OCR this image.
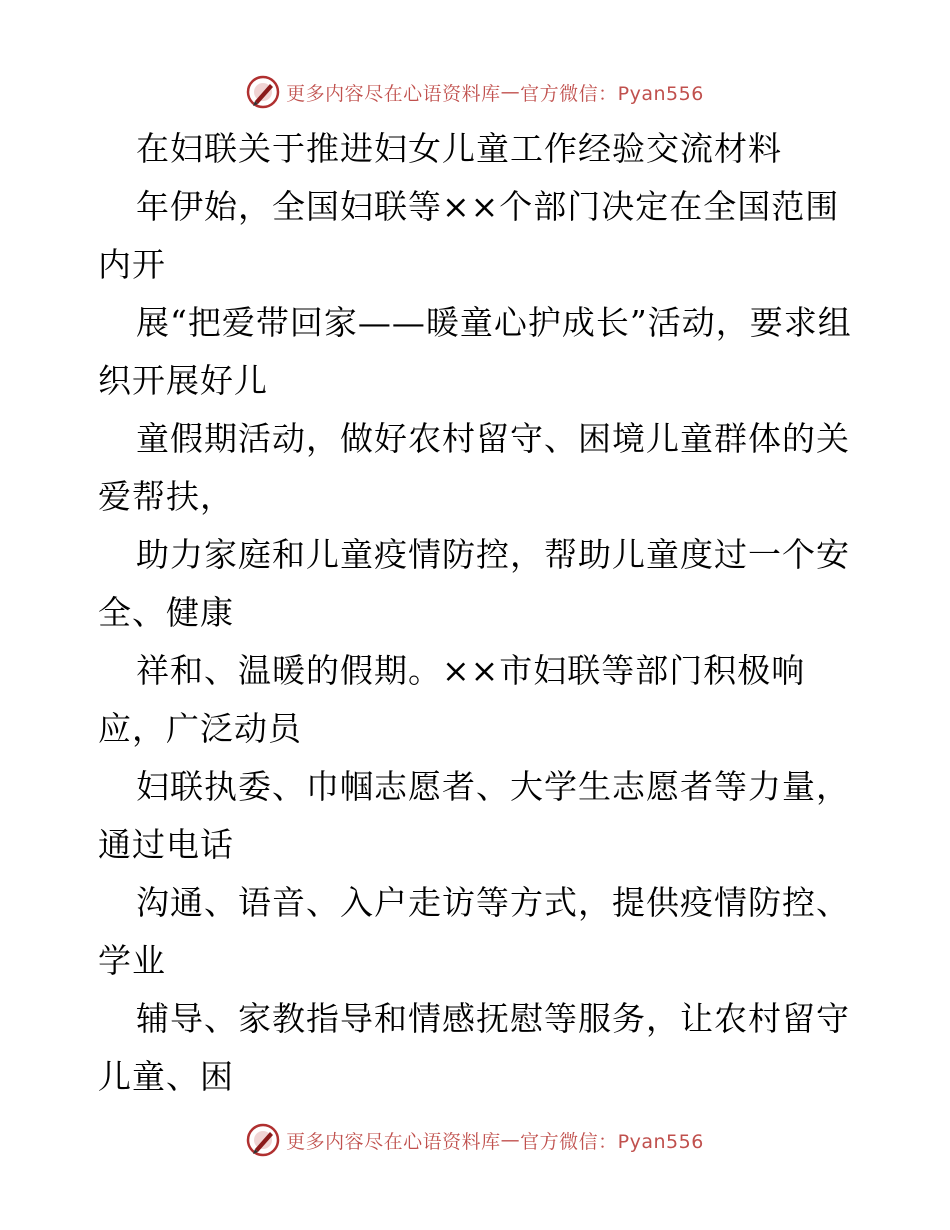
更多内容尽在心语资料库 — 官方微信：Pyan556

在妇联关于推进妇女儿童工作经验交流材料

年伊始，全国妇联等××个部门决定在全国范围内开

展“把爱带回家——暖童心护成长”活动，要求组织开展好儿

童假期活动，做好农村留守、困境儿童群体的关爱帮扶，

助力家庭和儿童疫情防控，帮助儿童度过一个安全、健康

祥和、温暖的假期。××市妇联等部门积极响应，广泛动员

妇联执委、巾帼志愿者、大学生志愿者等力量，通过电话

沟通、语音、入户走访等方式，提供疫情防控、学业

辅导、家教指导和情感抚慰等服务，让农村留守儿童、困

更多内容尽在心语资料库 — 官方微信：Pyan556
